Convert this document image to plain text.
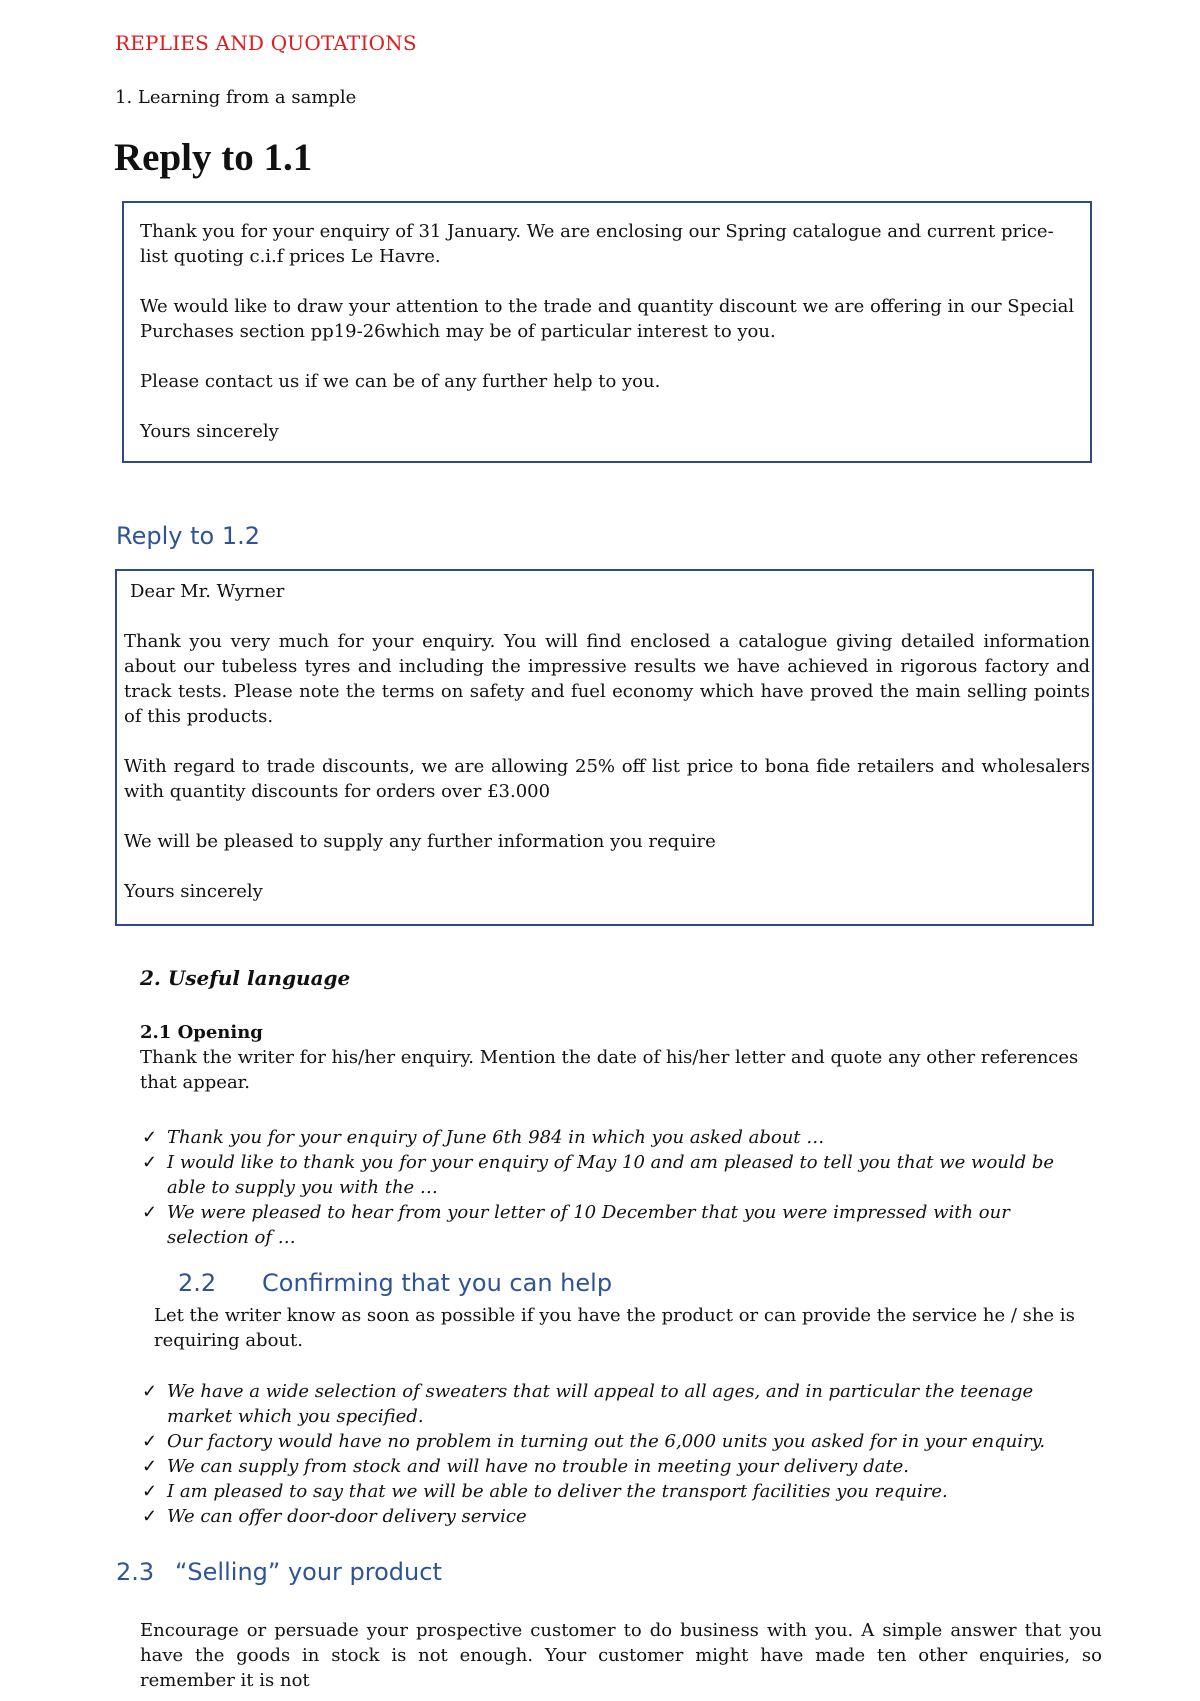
REPLIES AND QUOTATIONS
1. Learning from a sample
Reply to 1.1

Thank you for your enquiry of 31 January. We are enclosing our Spring catalogue and current price- list quoting c.i.f prices Le Havre.

We would like to draw your attention to the trade and quantity discount we are offering in our Special Purchases section pp19-26which may be of particular interest to you.

Please contact us if we can be of any further help to you.

Yours sincerely

Reply to 1.2

Dear Mr. Wyrner

Thank you very much for your enquiry. You will find enclosed a catalogue giving detailed information about our tubeless tyres and including the impressive results we have achieved in rigorous factory and track tests. Please note the terms on safety and fuel economy which have proved the main selling points of this products.

With regard to trade discounts, we are allowing 25% off list price to bona fide retailers and wholesalers with quantity discounts for orders over £3.000

We will be pleased to supply any further information you require

Yours sincerely

2. Useful language
2.1 Opening
Thank the writer for his/her enquiry. Mention the date of his/her letter and quote any other references that appear.
✓ Thank you for your enquiry of June 6th 984 in which you asked about …
✓ I would like to thank you for your enquiry of May 10 and am pleased to tell you that we would be able to supply you with the …
✓ We were pleased to hear from your letter of 10 December that you were impressed with our selection of …
2.2 Confirming that you can help
Let the writer know as soon as possible if you have the product or can provide the service he / she is requiring about.
✓ We have a wide selection of sweaters that will appeal to all ages, and in particular the teenage market which you specified.
✓ Our factory would have no problem in turning out the 6,000 units you asked for in your enquiry.
✓ We can supply from stock and will have no trouble in meeting your delivery date.
✓ I am pleased to say that we will be able to deliver the transport facilities you require.
✓ We can offer door-door delivery service
2.3 “Selling” your product
Encourage or persuade your prospective customer to do business with you. A simple answer that you have the goods in stock is not enough. Your customer might have made ten other enquiries, so remember it is not
